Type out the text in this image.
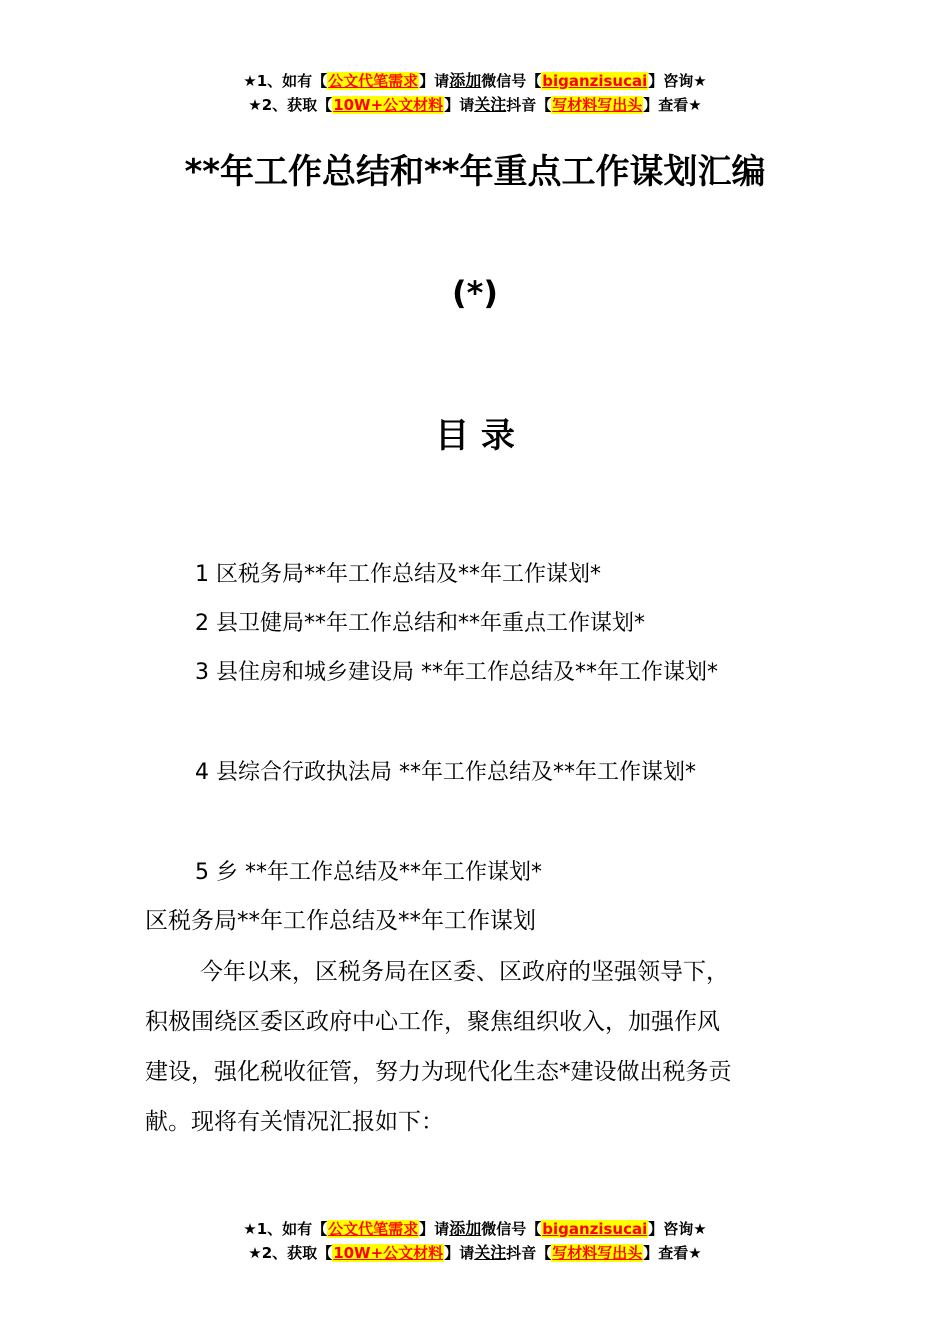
★1、如有【公文代笔需求】请添加微信号【biganzisucai】咨询★
★2、获取【10W+公文材料】请关注抖音【写材料写出头】查看★
**年工作总结和**年重点工作谋划汇编
(*)
目 录
1 区税务局**年工作总结及**年工作谋划*
2 县卫健局**年工作总结和**年重点工作谋划*
3 县住房和城乡建设局 **年工作总结及**年工作谋划*
4 县综合行政执法局 **年工作总结及**年工作谋划*
5 乡 **年工作总结及**年工作谋划*
区税务局**年工作总结及**年工作谋划
今年以来，区税务局在区委、区政府的坚强领导下，
积极围绕区委区政府中心工作，聚焦组织收入，加强作风
建设，强化税收征管，努力为现代化生态*建设做出税务贡
献。现将有关情况汇报如下：
★1、如有【公文代笔需求】请添加微信号【biganzisucai】咨询★
★2、获取【10W+公文材料】请关注抖音【写材料写出头】查看★
